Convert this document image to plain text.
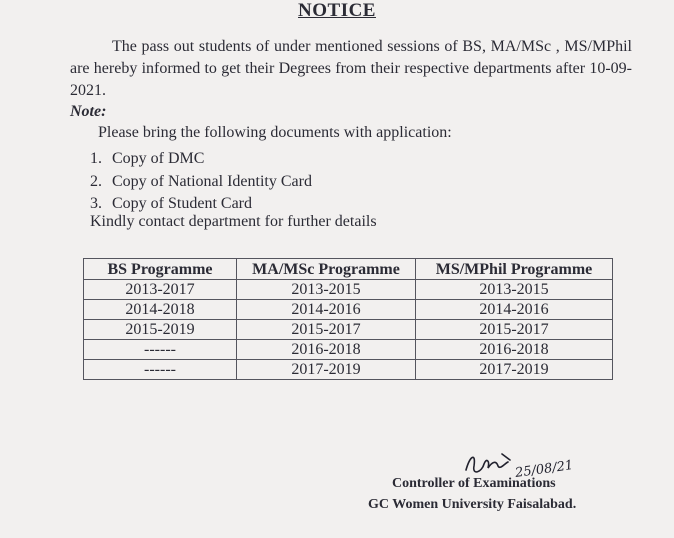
NOTICE
The pass out students of under mentioned sessions of BS, MA/MSc , MS/MPhil are hereby informed to get their Degrees from their respective departments after 10-09-2021.
Note:
Please bring the following documents with application:
1. Copy of DMC
2. Copy of National Identity Card
3. Copy of Student Card
Kindly contact department for further details
BS Programme	MA/MSc Programme	MS/MPhil Programme
2013-2017	2013-2015	2013-2015
2014-2018	2014-2016	2014-2016
2015-2019	2015-2017	2015-2017
------	2016-2018	2016-2018
------	2017-2019	2017-2019
25/08/21
Controller of Examinations
GC Women University Faisalabad.
